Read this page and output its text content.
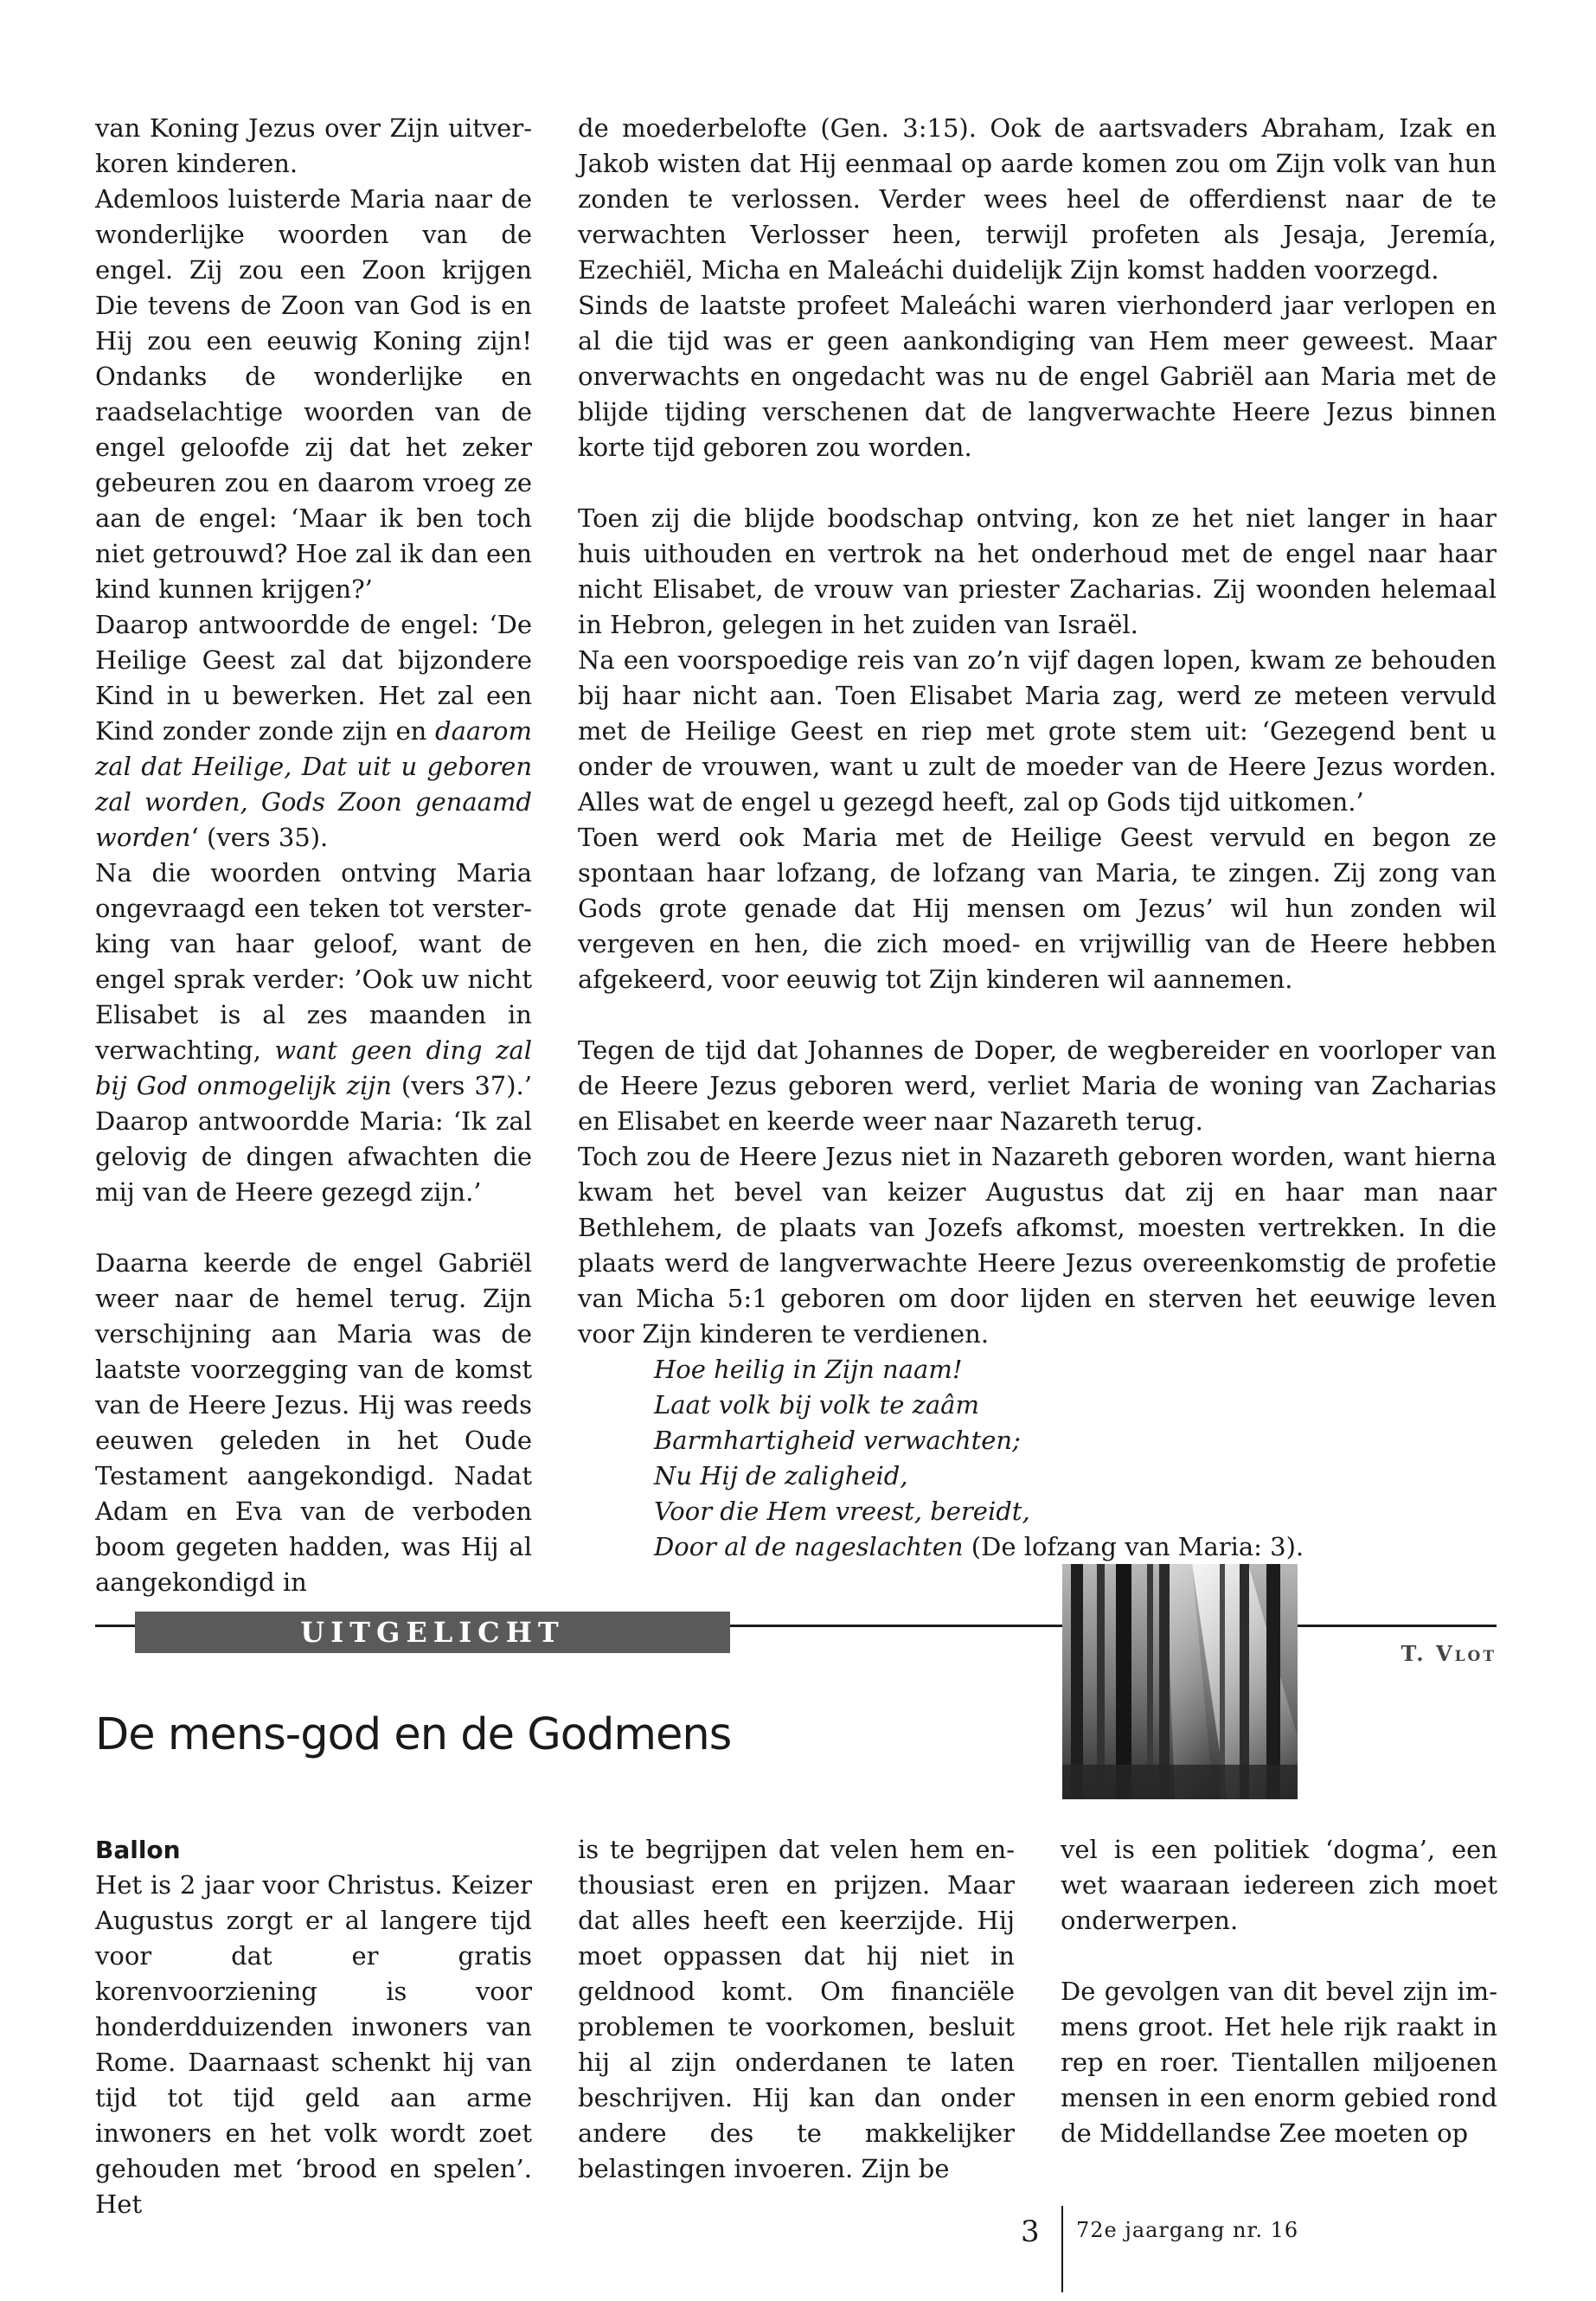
van Koning Jezus over Zijn uitverkoren kinderen.

Ademloos luisterde Maria naar de wonderlijke woorden van de engel. Zij zou een Zoon krijgen Die tevens de Zoon van God is en Hij zou een eeuwig Koning zijn! Ondanks de wonderlijke en raadselachtige woorden van de engel geloofde zij dat het zeker gebeuren zou en daarom vroeg ze aan de engel: ‘Maar ik ben toch niet getrouwd? Hoe zal ik dan een kind kunnen krijgen?’

Daarop antwoordde de engel: ‘De Heilige Geest zal dat bijzondere Kind in u bewerken. Het zal een Kind zonder zonde zijn en daarom zal dat Heilige, Dat uit u geboren zal worden, Gods Zoon genaamd worden‘ (vers 35).

Na die woorden ontving Maria ongevraagd een teken tot versterking van haar geloof, want de engel sprak verder: ’Ook uw nicht Elisabet is al zes maanden in verwachting, want geen ding zal bij God onmogelijk zijn (vers 37).’ Daarop antwoordde Maria: ‘Ik zal gelovig de dingen afwachten die mij van de Heere gezegd zijn.’

Daarna keerde de engel Gabriël weer naar de hemel terug. Zijn verschijning aan Maria was de laatste voorzegging van de komst van de Heere Jezus. Hij was reeds eeuwen geleden in het Oude Testament aangekondigd. Nadat Adam en Eva van de verboden boom gegeten hadden, was Hij al aangekondigd in

de moederbelofte (Gen. 3:15). Ook de aartsvaders Abraham, Izak en Jakob wisten dat Hij eenmaal op aarde komen zou om Zijn volk van hun zonden te verlossen. Verder wees heel de offerdienst naar de te verwachten Verlosser heen, terwijl profeten als Jesaja, Jeremía, Ezechiël, Micha en Maleáchi duidelijk Zijn komst hadden voorzegd.

Sinds de laatste profeet Maleáchi waren vierhonderd jaar verlopen en al die tijd was er geen aankondiging van Hem meer geweest. Maar onverwachts en ongedacht was nu de engel Gabriël aan Maria met de blijde tijding verschenen dat de langverwachte Heere Jezus binnen korte tijd geboren zou worden.

Toen zij die blijde boodschap ontving, kon ze het niet langer in haar huis uithouden en vertrok na het onderhoud met de engel naar haar nicht Elisabet, de vrouw van priester Zacharias. Zij woonden helemaal in Hebron, gelegen in het zuiden van Israël.

Na een voorspoedige reis van zo’n vijf dagen lopen, kwam ze behouden bij haar nicht aan. Toen Elisabet Maria zag, werd ze meteen vervuld met de Heilige Geest en riep met grote stem uit: ‘Gezegend bent u onder de vrouwen, want u zult de moeder van de Heere Jezus worden. Alles wat de engel u gezegd heeft, zal op Gods tijd uitkomen.’

Toen werd ook Maria met de Heilige Geest vervuld en begon ze spontaan haar lofzang, de lofzang van Maria, te zingen. Zij zong van Gods grote genade dat Hij mensen om Jezus’ wil hun zonden wil vergeven en hen, die zich moed- en vrijwillig van de Heere hebben afgekeerd, voor eeuwig tot Zijn kinderen wil aannemen.

Tegen de tijd dat Johannes de Doper, de wegbereider en voorloper van de Heere Jezus geboren werd, verliet Maria de woning van Zacharias en Elisabet en keerde weer naar Nazareth terug.

Toch zou de Heere Jezus niet in Nazareth geboren worden, want hierna kwam het bevel van keizer Augustus dat zij en haar man naar Bethlehem, de plaats van Jozefs afkomst, moesten vertrekken. In die plaats werd de langverwachte Heere Jezus overeenkomstig de profetie van Micha 5:1 geboren om door lijden en sterven het eeuwige leven voor Zijn kinderen te verdienen.

Hoe heilig in Zijn naam!
Laat volk bij volk te zaâm
Barmhartigheid verwachten;
Nu Hij de zaligheid,
Voor die Hem vreest, bereidt,
Door al de nageslachten (De lofzang van Maria: 3).
UITGELICHT
T. Vlot
De mens-god en de Godmens

Ballon

Het is 2 jaar voor Christus. Keizer Augustus zorgt er al langere tijd voor dat er gratis korenvoorziening is voor honderdduizenden inwoners van Rome. Daarnaast schenkt hij van tijd tot tijd geld aan arme inwoners en het volk wordt zoet gehouden met ‘brood en spelen’. Het

is te begrijpen dat velen hem enthousiast eren en prijzen. Maar dat alles heeft een keerzijde. Hij moet oppassen dat hij niet in geldnood komt. Om financiële problemen te voorkomen, besluit hij al zijn onderdanen te laten beschrijven. Hij kan dan onder andere des te makkelijker belastingen invoeren. Zijn be

vel is een politiek ‘dogma’, een wet waaraan iedereen zich moet onderwerpen.

De gevolgen van dit bevel zijn immens groot. Het hele rijk raakt in rep en roer. Tientallen miljoenen mensen in een enorm gebied rond de Middellandse Zee moeten op

3 72e jaargang nr. 16
